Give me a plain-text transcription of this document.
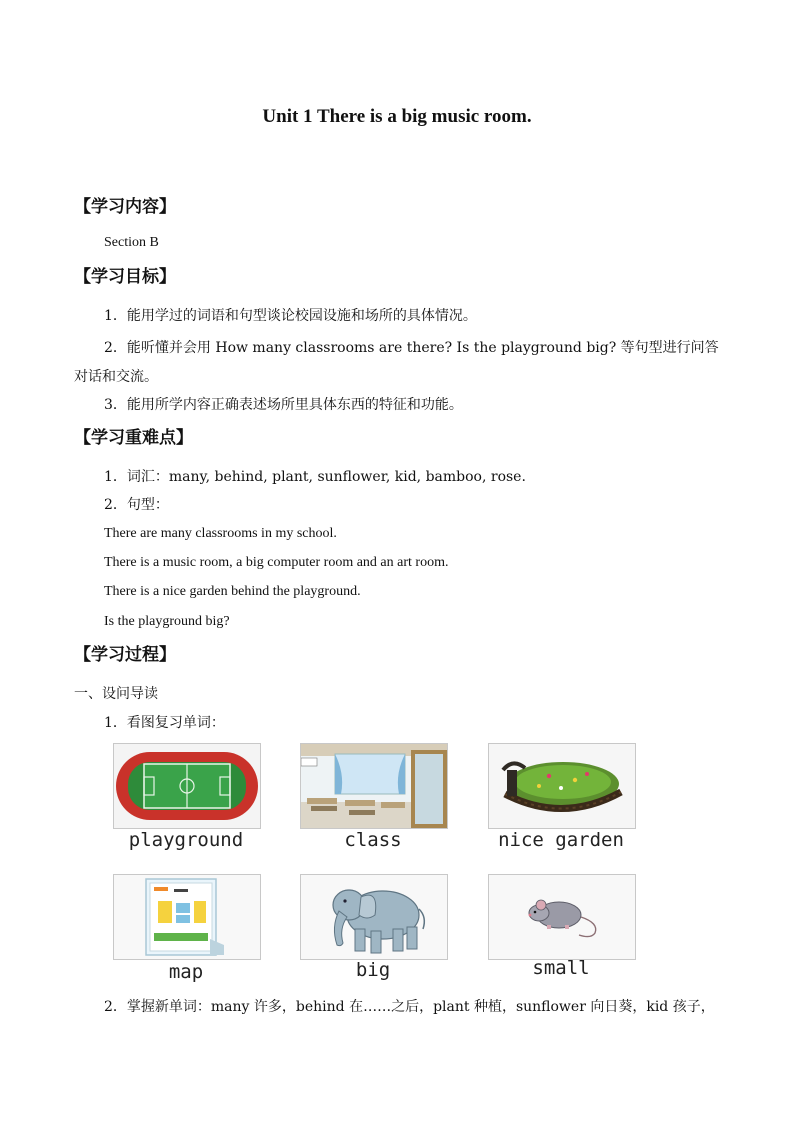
Unit 1 There is a big music room.
【学习内容】
Section B
【学习目标】
1．能用学过的词语和句型谈论校园设施和场所的具体情况。
2．能听懂并会用 How many classrooms are there? Is the playground big? 等句型进行问答对话和交流。
3．能用所学内容正确表述场所里具体东西的特征和功能。
【学习重难点】
1．词汇：many, behind, plant, sunflower, kid, bamboo, rose.
2．句型：
There are many classrooms in my school.
There is a music room, a big computer room and an art room.
There is a nice garden behind the playground.
Is the playground big?
【学习过程】
一、设问导读
1．看图复习单词：
playground	class	nice garden
map	big	small
2．掌握新单词：many 许多，behind 在……之后，plant 种植，sunflower 向日葵，kid 孩子，
